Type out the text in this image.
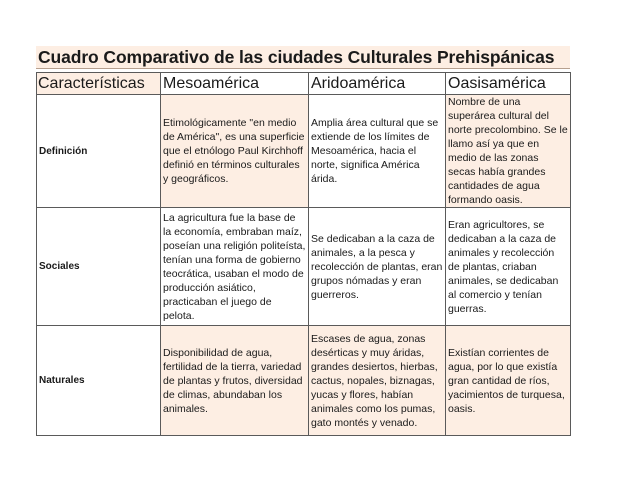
Cuadro Comparativo de las ciudades Culturales Prehispánicas
Características	Mesoamérica	Aridoamérica	Oasisamérica
Definición	Etimológicamente "en medio de América", es una superficie que el etnólogo Paul Kirchhoff definió en términos culturales y geográficos.	Amplia área cultural que se extiende de los límites de Mesoamérica, hacia el norte, significa América árida.	Nombre de una superárea cultural del norte precolombino. Se le llamo así ya que en medio de las zonas secas había grandes cantidades de agua formando oasis.

Sociales	La agricultura fue la base de la economía, embraban maíz, poseían una religión politeísta, tenían una forma de gobierno teocrática, usaban el modo de producción asiático, practicaban el juego de pelota.	Se dedicaban a la caza de animales, a la pesca y recolección de plantas, eran grupos nómadas y eran guerreros.	Eran agricultores, se dedicaban a la caza de animales y recolección de plantas, criaban animales, se dedicaban al comercio y tenían guerras.

Naturales	Disponibilidad de agua, fertilidad de la tierra, variedad de plantas y frutos, diversidad de climas, abundaban los animales.	Escases de agua, zonas desérticas y muy áridas, grandes desiertos, hierbas, cactus, nopales, biznagas, yucas y flores, habían animales como los pumas, gato montés y venado.	Existían corrientes de agua, por lo que existía gran cantidad de ríos, yacimientos de turquesa, oasis.
